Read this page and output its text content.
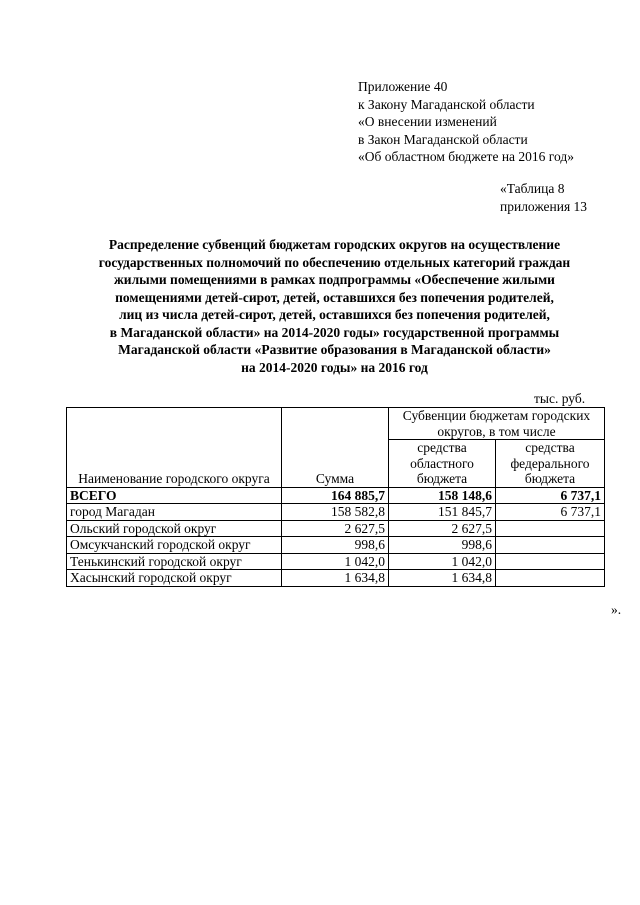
Приложение 40
к Закону Магаданской области
«О внесении изменений
в Закон Магаданской области
«Об областном бюджете на 2016 год»
«Таблица 8
приложения 13
Распределение субвенций бюджетам городских округов на осуществление
государственных полномочий по обеспечению отдельных категорий граждан
жилыми помещениями в рамках подпрограммы «Обеспечение жилыми
помещениями детей-сирот, детей, оставшихся без попечения родителей,
лиц из числа детей-сирот, детей, оставшихся без попечения родителей,
в Магаданской области» на 2014-2020 годы» государственной программы
Магаданской области «Развитие образования в Магаданской области»
на 2014-2020 годы» на 2016 год
тыс. руб.
Наименование городского округа	Сумма	Субвенции бюджетам городских округов, в том числе	
		средства областного бюджета	средства федерального бюджета
ВСЕГО	164 885,7	158 148,6	6 737,1
город Магадан	158 582,8	151 845,7	6 737,1
Ольский городской округ	2 627,5	2 627,5	
Омсукчанский городской округ	998,6	998,6	
Тенькинский городской округ	1 042,0	1 042,0	
Хасынский городской округ	1 634,8	1 634,8	
».
